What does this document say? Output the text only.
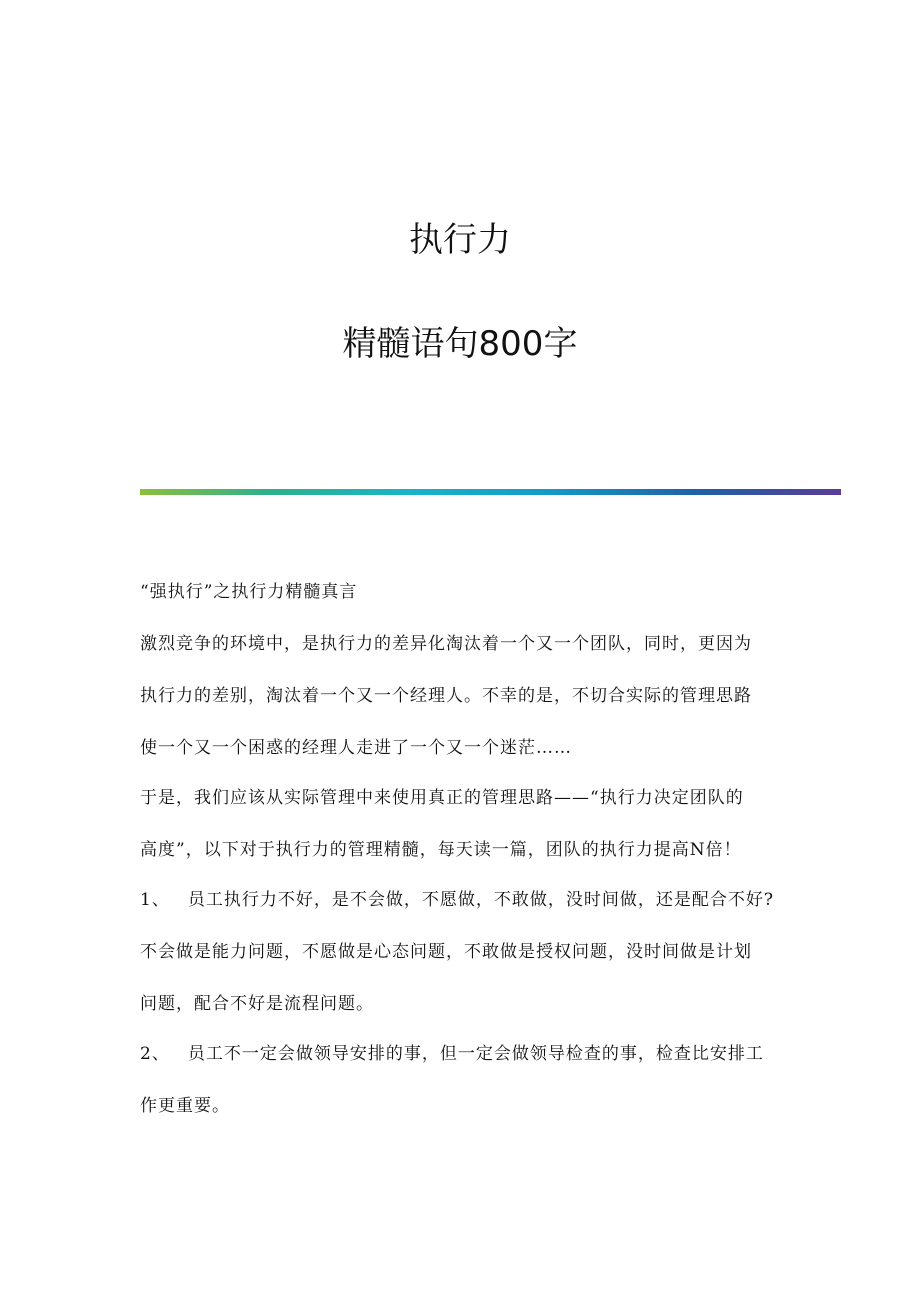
执行力
精髓语句800字
“强执行”之执行力精髓真言
激烈竞争的环境中，是执行力的差异化淘汰着一个又一个团队，同时，更因为
执行力的差别，淘汰着一个又一个经理人。不幸的是，不切合实际的管理思路
使一个又一个困惑的经理人走进了一个又一个迷茫……
于是，我们应该从实际管理中来使用真正的管理思路——“执行力决定团队的
高度”，以下对于执行力的管理精髓，每天读一篇，团队的执行力提高N倍！
1、 员工执行力不好，是不会做，不愿做，不敢做，没时间做，还是配合不好?
不会做是能力问题，不愿做是心态问题，不敢做是授权问题，没时间做是计划
问题，配合不好是流程问题。
2、 员工不一定会做领导安排的事，但一定会做领导检查的事，检查比安排工
作更重要。
